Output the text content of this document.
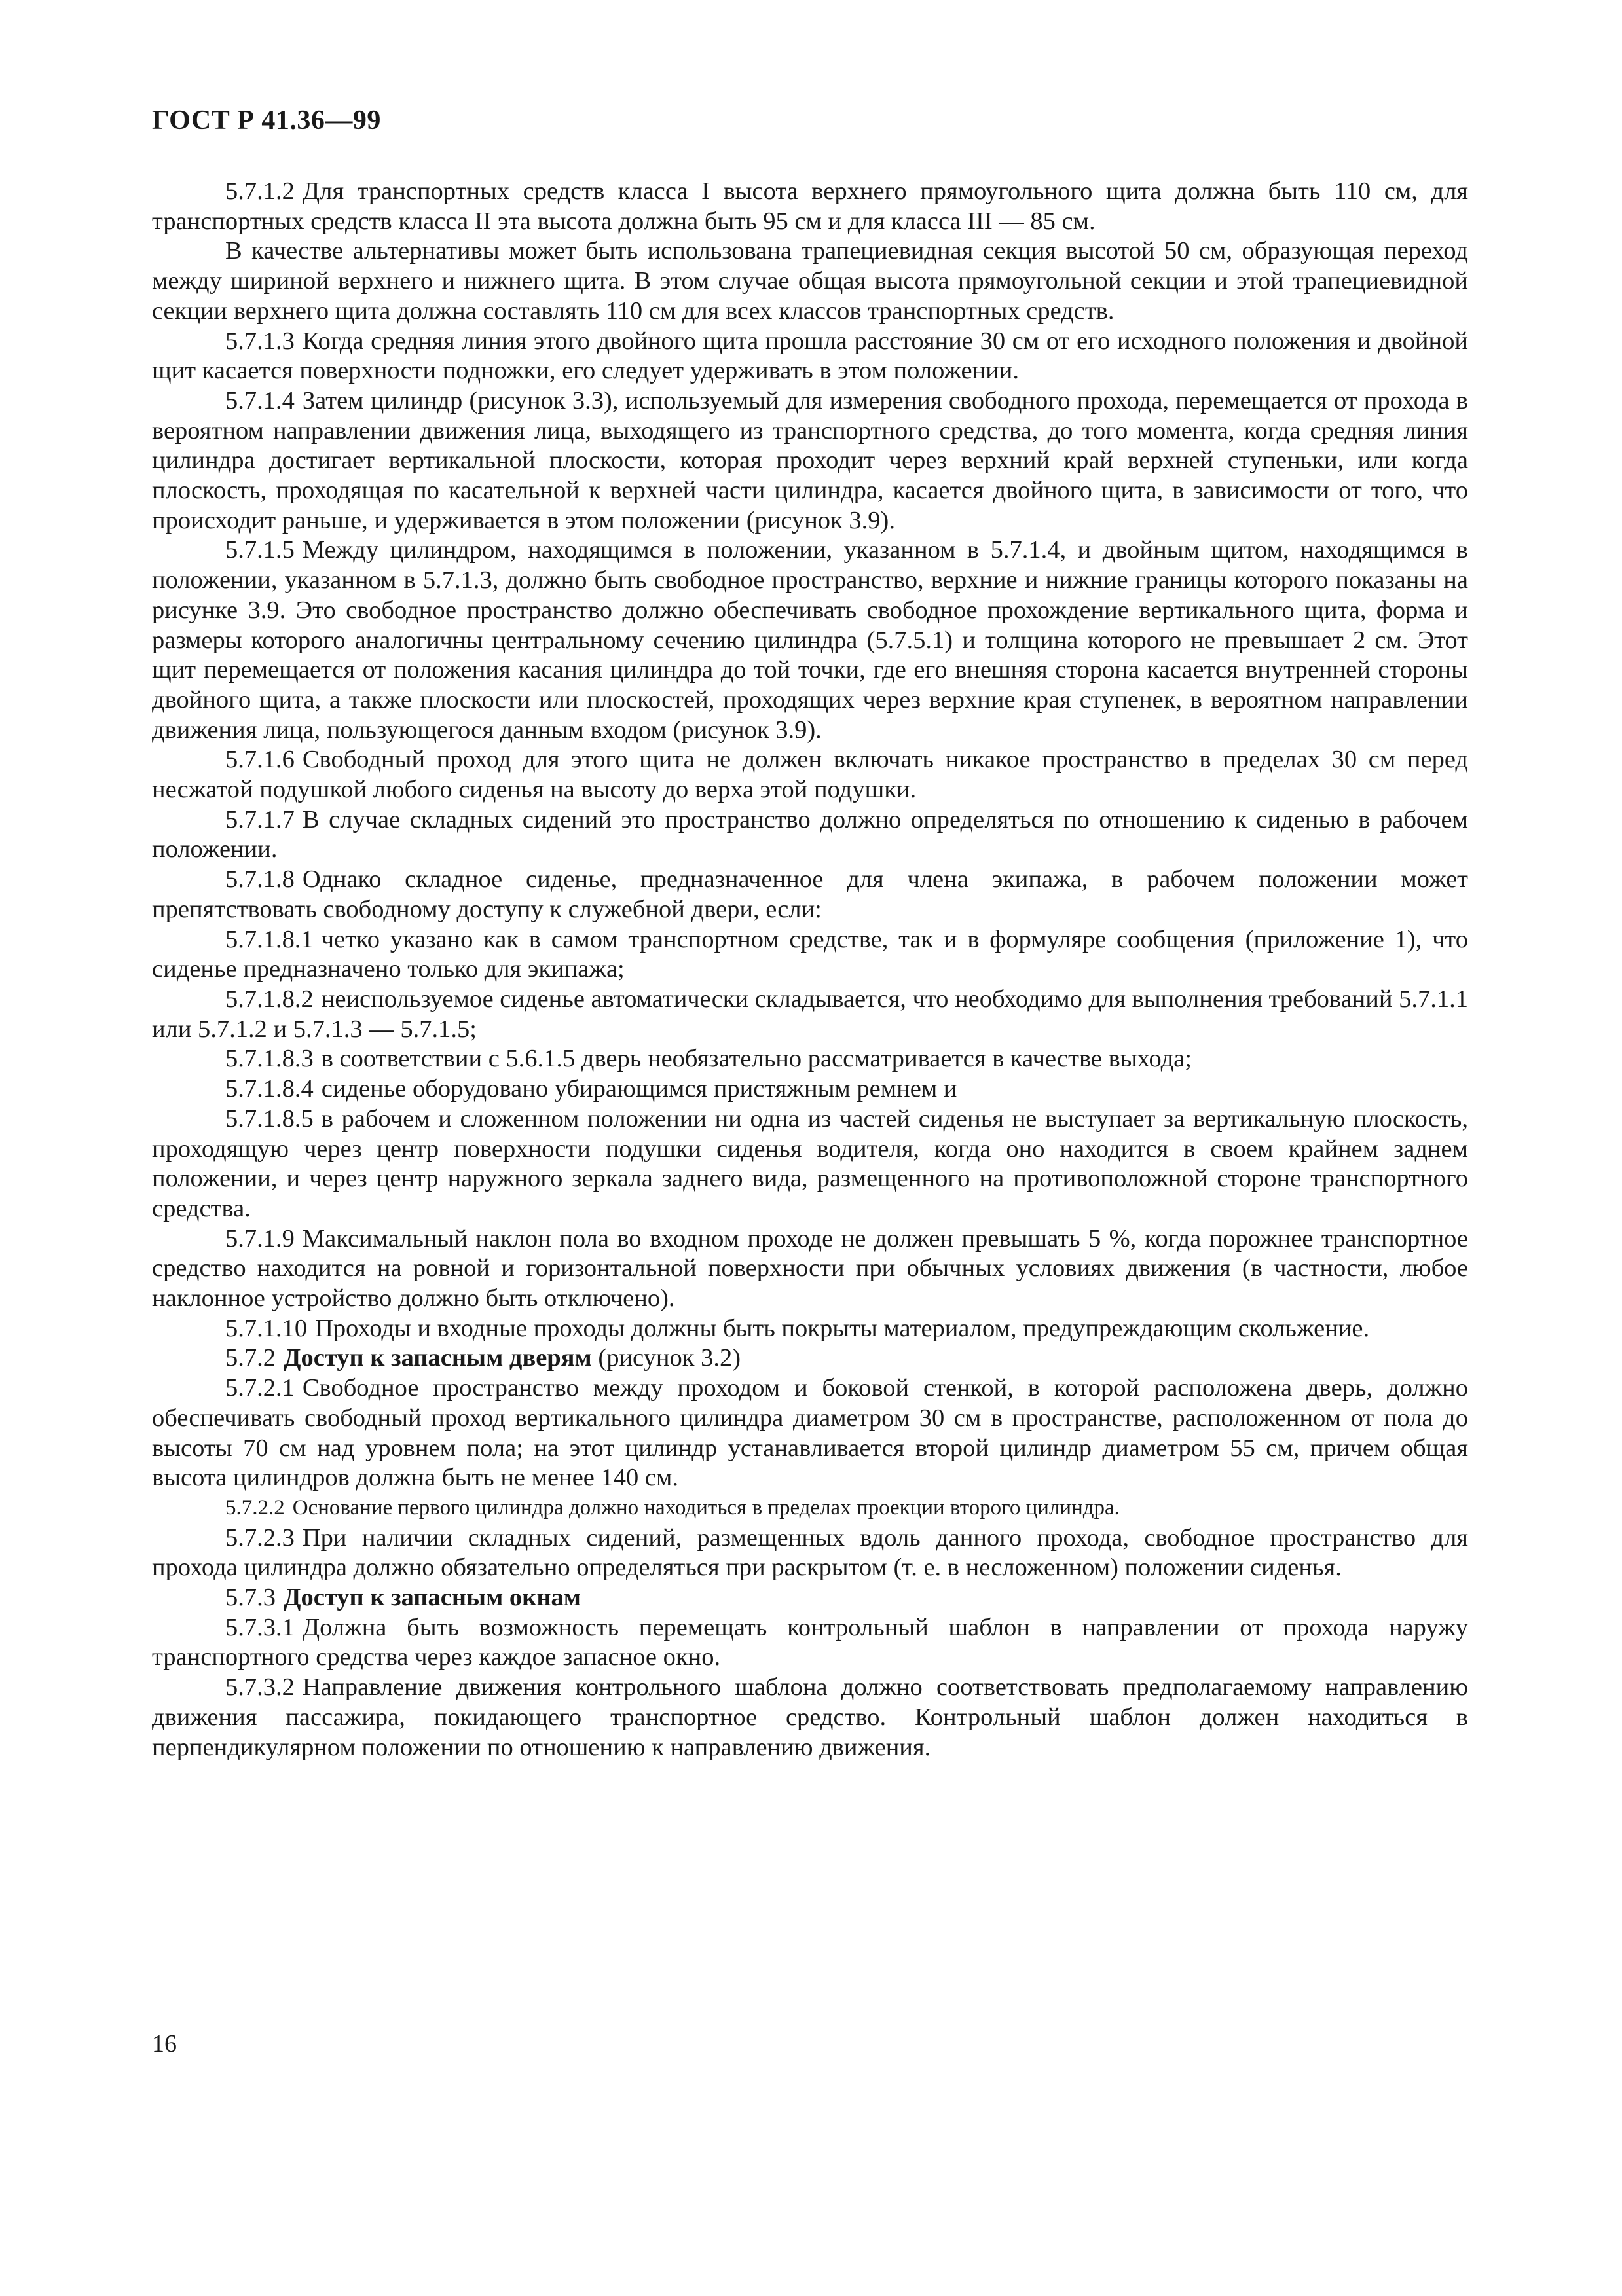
ГОСТ Р 41.36—99

5.7.1.2 Для транспортных средств класса I высота верхнего прямоугольного щита должна быть 110 см, для транспортных средств класса II эта высота должна быть 95 см и для класса III — 85 см.

В качестве альтернативы может быть использована трапециевидная секция высотой 50 см, образующая переход между шириной верхнего и нижнего щита. В этом случае общая высота прямоугольной секции и этой трапециевидной секции верхнего щита должна составлять 110 см для всех классов транспортных средств.

5.7.1.3 Когда средняя линия этого двойного щита прошла расстояние 30 см от его исходного положения и двойной щит касается поверхности подножки, его следует удерживать в этом положении.

5.7.1.4 Затем цилиндр (рисунок 3.3), используемый для измерения свободного прохода, перемещается от прохода в вероятном направлении движения лица, выходящего из транспортного средства, до того момента, когда средняя линия цилиндра достигает вертикальной плоскости, которая проходит через верхний край верхней ступеньки, или когда плоскость, проходящая по касательной к верхней части цилиндра, касается двойного щита, в зависимости от того, что происходит раньше, и удерживается в этом положении (рисунок 3.9).

5.7.1.5 Между цилиндром, находящимся в положении, указанном в 5.7.1.4, и двойным щитом, находящимся в положении, указанном в 5.7.1.3, должно быть свободное пространство, верхние и нижние границы которого показаны на рисунке 3.9. Это свободное пространство должно обеспечивать свободное прохождение вертикального щита, форма и размеры которого аналогичны центральному сечению цилиндра (5.7.5.1) и толщина которого не превышает 2 см. Этот щит перемещается от положения касания цилиндра до той точки, где его внешняя сторона касается внутренней стороны двойного щита, а также плоскости или плоскостей, проходящих через верхние края ступенек, в вероятном направлении движения лица, пользующегося данным входом (рисунок 3.9).

5.7.1.6 Свободный проход для этого щита не должен включать никакое пространство в пределах 30 см перед несжатой подушкой любого сиденья на высоту до верха этой подушки.

5.7.1.7 В случае складных сидений это пространство должно определяться по отношению к сиденью в рабочем положении.

5.7.1.8 Однако складное сиденье, предназначенное для члена экипажа, в рабочем положении может препятствовать свободному доступу к служебной двери, если:

5.7.1.8.1 четко указано как в самом транспортном средстве, так и в формуляре сообщения (приложение 1), что сиденье предназначено только для экипажа;

5.7.1.8.2 неиспользуемое сиденье автоматически складывается, что необходимо для выполнения требований 5.7.1.1 или 5.7.1.2 и 5.7.1.3 — 5.7.1.5;

5.7.1.8.3 в соответствии с 5.6.1.5 дверь необязательно рассматривается в качестве выхода;

5.7.1.8.4 сиденье оборудовано убирающимся пристяжным ремнем и

5.7.1.8.5 в рабочем и сложенном положении ни одна из частей сиденья не выступает за вертикальную плоскость, проходящую через центр поверхности подушки сиденья водителя, когда оно находится в своем крайнем заднем положении, и через центр наружного зеркала заднего вида, размещенного на противоположной стороне транспортного средства.

5.7.1.9 Максимальный наклон пола во входном проходе не должен превышать 5 %, когда порожнее транспортное средство находится на ровной и горизонтальной поверхности при обычных условиях движения (в частности, любое наклонное устройство должно быть отключено).

5.7.1.10 Проходы и входные проходы должны быть покрыты материалом, предупреждающим скольжение.

5.7.2 Доступ к запасным дверям (рисунок 3.2)

5.7.2.1 Свободное пространство между проходом и боковой стенкой, в которой расположена дверь, должно обеспечивать свободный проход вертикального цилиндра диаметром 30 см в пространстве, расположенном от пола до высоты 70 см над уровнем пола; на этот цилиндр устанавливается второй цилиндр диаметром 55 см, причем общая высота цилиндров должна быть не менее 140 см.

5.7.2.2 Основание первого цилиндра должно находиться в пределах проекции второго цилиндра.

5.7.2.3 При наличии складных сидений, размещенных вдоль данного прохода, свободное пространство для прохода цилиндра должно обязательно определяться при раскрытом (т. е. в несложенном) положении сиденья.

5.7.3 Доступ к запасным окнам

5.7.3.1 Должна быть возможность перемещать контрольный шаблон в направлении от прохода наружу транспортного средства через каждое запасное окно.

5.7.3.2 Направление движения контрольного шаблона должно соответствовать предполагаемому направлению движения пассажира, покидающего транспортное средство. Контрольный шаблон должен находиться в перпендикулярном положении по отношению к направлению движения.

16
